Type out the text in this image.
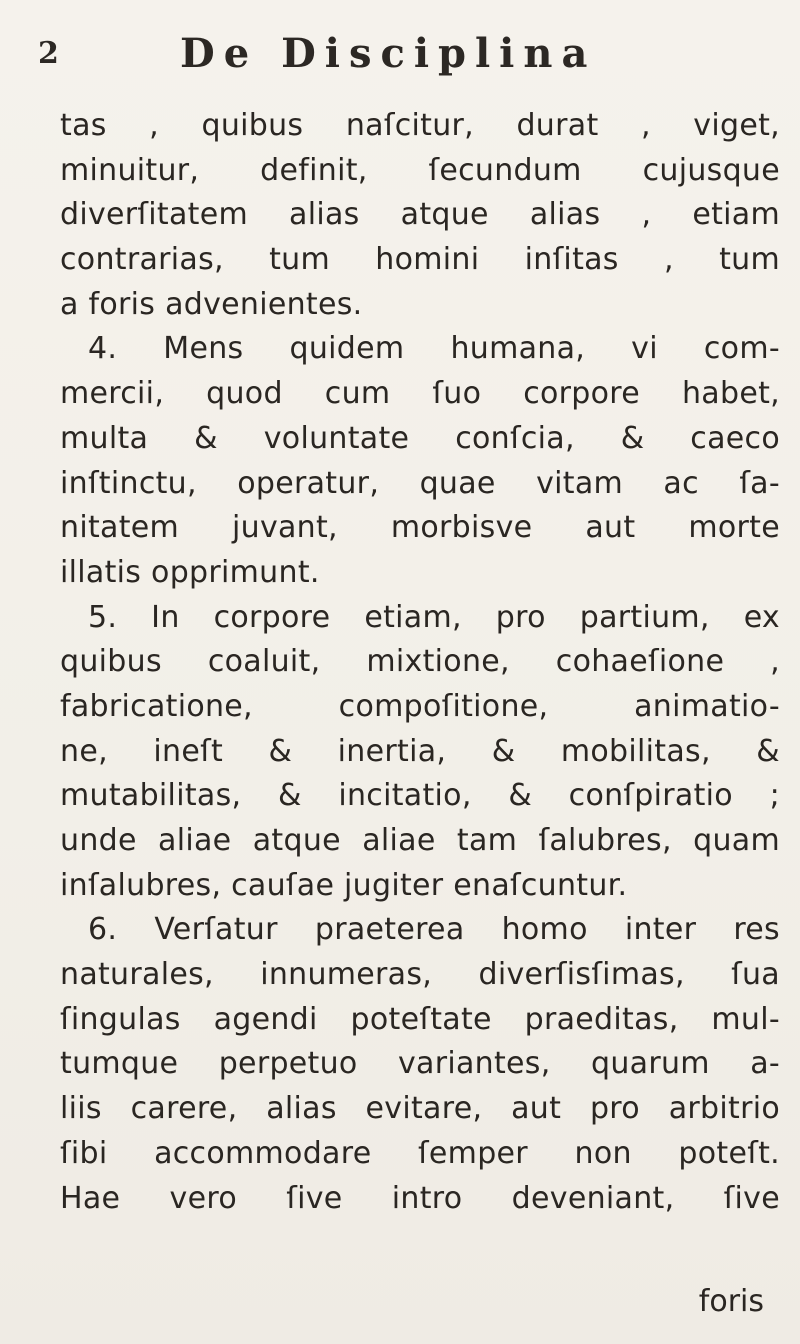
2	De Disciplina
tas , quibus naſcitur, durat , viget,
minuitur, definit, ſecundum cujusque
diverſitatem alias atque alias , etiam
contrarias, tum homini inſitas , tum
a foris advenientes.
4. Mens quidem humana, vi com-
mercii, quod cum ſuo corpore habet,
multa & voluntate conſcia, & caeco
inſtinctu, operatur, quae vitam ac ſa-
nitatem juvant, morbisve aut morte
illatis opprimunt.
5. In corpore etiam, pro partium, ex
quibus coaluit, mixtione, cohaeſione ,
fabricatione, compoſitione, animatio-
ne, ineſt & inertia, & mobilitas, &
mutabilitas, & incitatio, & conſpiratio ;
unde aliae atque aliae tam ſalubres, quam
inſalubres, cauſae jugiter enaſcuntur.
6. Verſatur praeterea homo inter res
naturales, innumeras, diverſisſimas, ſua
ſingulas agendi poteſtate praeditas, mul-
tumque perpetuo variantes, quarum a-
liis carere, alias evitare, aut pro arbitrio
ſibi accommodare ſemper non poteſt.
Hae vero ſive intro deveniant, ſive
foris
